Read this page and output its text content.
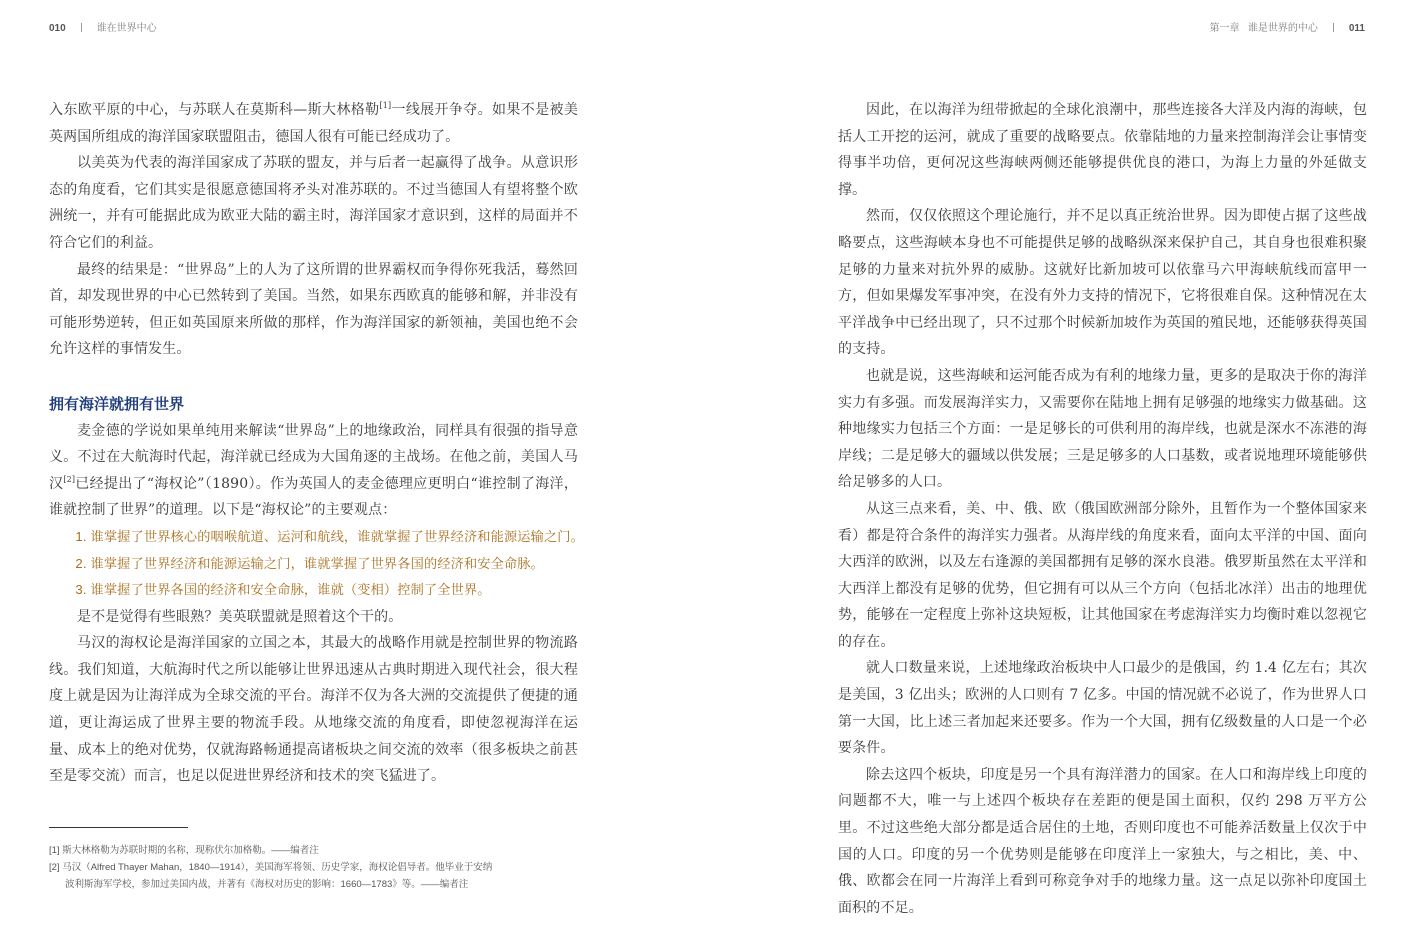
010	谁在世界中心

入东欧平原的中心，与苏联人在莫斯科—斯大林格勒[1]一线展开争夺。如果不是被美英两国所组成的海洋国家联盟阻击，德国人很有可能已经成功了。

以美英为代表的海洋国家成了苏联的盟友，并与后者一起赢得了战争。从意识形态的角度看，它们其实是很愿意德国将矛头对准苏联的。不过当德国人有望将整个欧洲统一，并有可能据此成为欧亚大陆的霸主时，海洋国家才意识到，这样的局面并不符合它们的利益。

最终的结果是：“世界岛”上的人为了这所谓的世界霸权而争得你死我活，蓦然回首，却发现世界的中心已然转到了美国。当然，如果东西欧真的能够和解，并非没有可能形势逆转，但正如英国原来所做的那样，作为海洋国家的新领袖，美国也绝不会允许这样的事情发生。

拥有海洋就拥有世界

麦金德的学说如果单纯用来解读“世界岛”上的地缘政治，同样具有很强的指导意义。不过在大航海时代起，海洋就已经成为大国角逐的主战场。在他之前，美国人马汉[2]已经提出了“海权论”（1890）。作为英国人的麦金德理应更明白“谁控制了海洋，谁就控制了世界”的道理。以下是“海权论”的主要观点：

1. 谁掌握了世界核心的咽喉航道、运河和航线，谁就掌握了世界经济和能源运输之门。

2. 谁掌握了世界经济和能源运输之门，谁就掌握了世界各国的经济和安全命脉。

3. 谁掌握了世界各国的经济和安全命脉，谁就（变相）控制了全世界。

是不是觉得有些眼熟？美英联盟就是照着这个干的。

马汉的海权论是海洋国家的立国之本，其最大的战略作用就是控制世界的物流路线。我们知道，大航海时代之所以能够让世界迅速从古典时期进入现代社会，很大程度上就是因为让海洋成为全球交流的平台。海洋不仅为各大洲的交流提供了便捷的通道，更让海运成了世界主要的物流手段。从地缘交流的角度看，即使忽视海洋在运量、成本上的绝对优势，仅就海路畅通提高诸板块之间交流的效率（很多板块之前甚至是零交流）而言，也足以促进世界经济和技术的突飞猛进了。

[1] 斯大林格勒为苏联时期的名称，现称伏尔加格勒。——编者注
[2] 马汉（Alfred Thayer Mahan，1840—1914），美国海军将领、历史学家，海权论倡导者。他毕业于安纳
波利斯海军学校，参加过美国内战，并著有《海权对历史的影响：1660—1783》等。——编者注
第一章 谁是世界的中心	011

因此，在以海洋为纽带掀起的全球化浪潮中，那些连接各大洋及内海的海峡，包括人工开挖的运河，就成了重要的战略要点。依靠陆地的力量来控制海洋会让事情变得事半功倍，更何况这些海峡两侧还能够提供优良的港口，为海上力量的外延做支撑。

然而，仅仅依照这个理论施行，并不足以真正统治世界。因为即使占据了这些战略要点，这些海峡本身也不可能提供足够的战略纵深来保护自己，其自身也很难积聚足够的力量来对抗外界的威胁。这就好比新加坡可以依靠马六甲海峡航线而富甲一方，但如果爆发军事冲突，在没有外力支持的情况下，它将很难自保。这种情况在太平洋战争中已经出现了，只不过那个时候新加坡作为英国的殖民地，还能够获得英国的支持。

也就是说，这些海峡和运河能否成为有利的地缘力量，更多的是取决于你的海洋实力有多强。而发展海洋实力，又需要你在陆地上拥有足够强的地缘实力做基础。这种地缘实力包括三个方面：一是足够长的可供利用的海岸线，也就是深水不冻港的海岸线；二是足够大的疆域以供发展；三是足够多的人口基数，或者说地理环境能够供给足够多的人口。

从这三点来看，美、中、俄、欧（俄国欧洲部分除外，且暂作为一个整体国家来看）都是符合条件的海洋实力强者。从海岸线的角度来看，面向太平洋的中国、面向大西洋的欧洲，以及左右逢源的美国都拥有足够的深水良港。俄罗斯虽然在太平洋和大西洋上都没有足够的优势，但它拥有可以从三个方向（包括北冰洋）出击的地理优势，能够在一定程度上弥补这块短板，让其他国家在考虑海洋实力均衡时难以忽视它的存在。

就人口数量来说，上述地缘政治板块中人口最少的是俄国，约 1.4 亿左右；其次是美国，3 亿出头；欧洲的人口则有 7 亿多。中国的情况就不必说了，作为世界人口第一大国，比上述三者加起来还要多。作为一个大国，拥有亿级数量的人口是一个必要条件。

除去这四个板块，印度是另一个具有海洋潜力的国家。在人口和海岸线上印度的问题都不大，唯一与上述四个板块存在差距的便是国土面积，仅约 298 万平方公里。不过这些绝大部分都是适合居住的土地，否则印度也不可能养活数量上仅次于中国的人口。印度的另一个优势则是能够在印度洋上一家独大，与之相比，美、中、俄、欧都会在同一片海洋上看到可称竞争对手的地缘力量。这一点足以弥补印度国土面积的不足。
